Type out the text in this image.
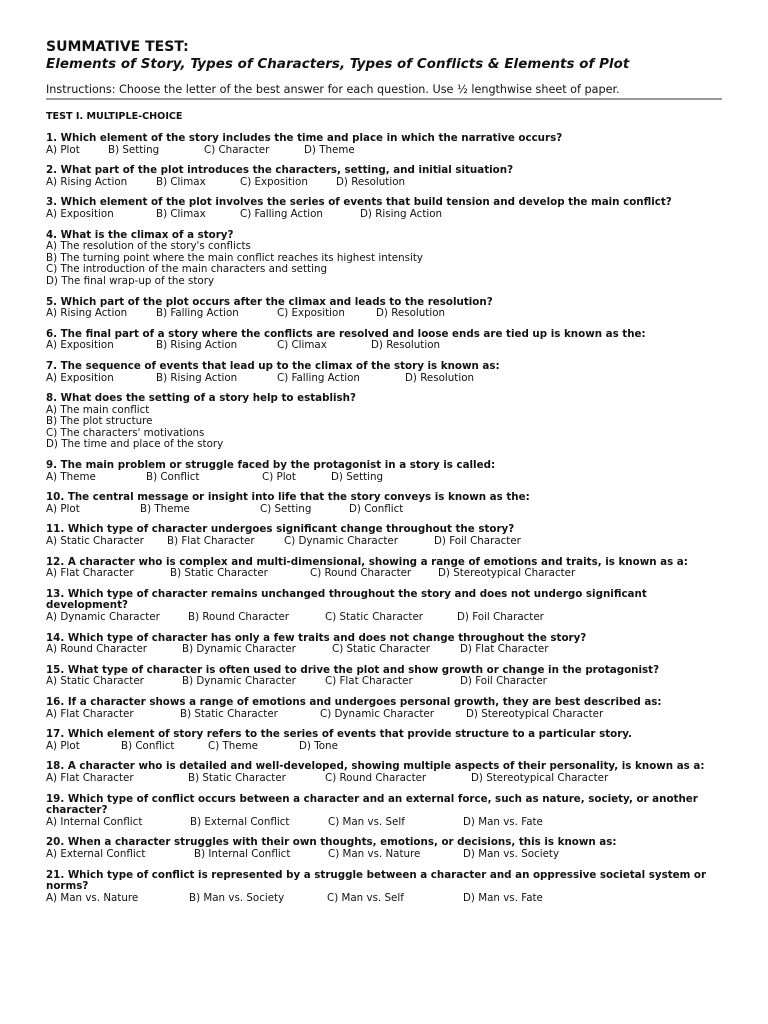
SUMMATIVE TEST:
Elements of Story, Types of Characters, Types of Conflicts & Elements of Plot
Instructions: Choose the letter of the best answer for each question. Use ½ lengthwise sheet of paper.
TEST I. MULTIPLE-CHOICE
1. Which element of the story includes the time and place in which the narrative occurs?
A) Plot	B) Setting	C) Character	D) Theme
2. What part of the plot introduces the characters, setting, and initial situation?
A) Rising Action	B) Climax	C) Exposition	D) Resolution
3. Which element of the plot involves the series of events that build tension and develop the main conflict?
A) Exposition	B) Climax	C) Falling Action	D) Rising Action
4. What is the climax of a story?
A) The resolution of the story's conflicts
B) The turning point where the main conflict reaches its highest intensity
C) The introduction of the main characters and setting
D) The final wrap-up of the story
5. Which part of the plot occurs after the climax and leads to the resolution?
A) Rising Action	B) Falling Action	C) Exposition	D) Resolution
6. The final part of a story where the conflicts are resolved and loose ends are tied up is known as the:
A) Exposition	B) Rising Action	C) Climax	D) Resolution
7. The sequence of events that lead up to the climax of the story is known as:
A) Exposition	B) Rising Action	C) Falling Action	D) Resolution
8. What does the setting of a story help to establish?
A) The main conflict
B) The plot structure
C) The characters' motivations
D) The time and place of the story
9. The main problem or struggle faced by the protagonist in a story is called:
A) Theme	B) Conflict	C) Plot	D) Setting
10. The central message or insight into life that the story conveys is known as the:
A) Plot	B) Theme	C) Setting	D) Conflict
11. Which type of character undergoes significant change throughout the story?
A) Static Character B) Flat Character	C) Dynamic Character	D) Foil Character
12. A character who is complex and multi-dimensional, showing a range of emotions and traits, is known as a:
A) Flat Character	B) Static Character	C) Round Character	D) Stereotypical Character
13. Which type of character remains unchanged throughout the story and does not undergo significant development?
A) Dynamic Character	B) Round Character	C) Static Character	D) Foil Character
14. Which type of character has only a few traits and does not change throughout the story?
A) Round Character	B) Dynamic Character	C) Static Character	D) Flat Character
15. What type of character is often used to drive the plot and show growth or change in the protagonist?
A) Static Character	B) Dynamic Character	C) Flat Character	D) Foil Character
16. If a character shows a range of emotions and undergoes personal growth, they are best described as:
A) Flat Character	B) Static Character	C) Dynamic Character	D) Stereotypical Character
17. Which element of story refers to the series of events that provide structure to a particular story.
A) Plot	B) Conflict	C) Theme	D) Tone
18. A character who is detailed and well-developed, showing multiple aspects of their personality, is known as a:
A) Flat Character	B) Static Character	C) Round Character	D) Stereotypical Character
19. Which type of conflict occurs between a character and an external force, such as nature, society, or another character?
A) Internal Conflict	B) External Conflict	C) Man vs. Self	D) Man vs. Fate
20. When a character struggles with their own thoughts, emotions, or decisions, this is known as:
A) External Conflict	B) Internal Conflict	C) Man vs. Nature	D) Man vs. Society
21. Which type of conflict is represented by a struggle between a character and an oppressive societal system or norms?
A) Man vs. Nature	B) Man vs. Society	C) Man vs. Self	D) Man vs. Fate
